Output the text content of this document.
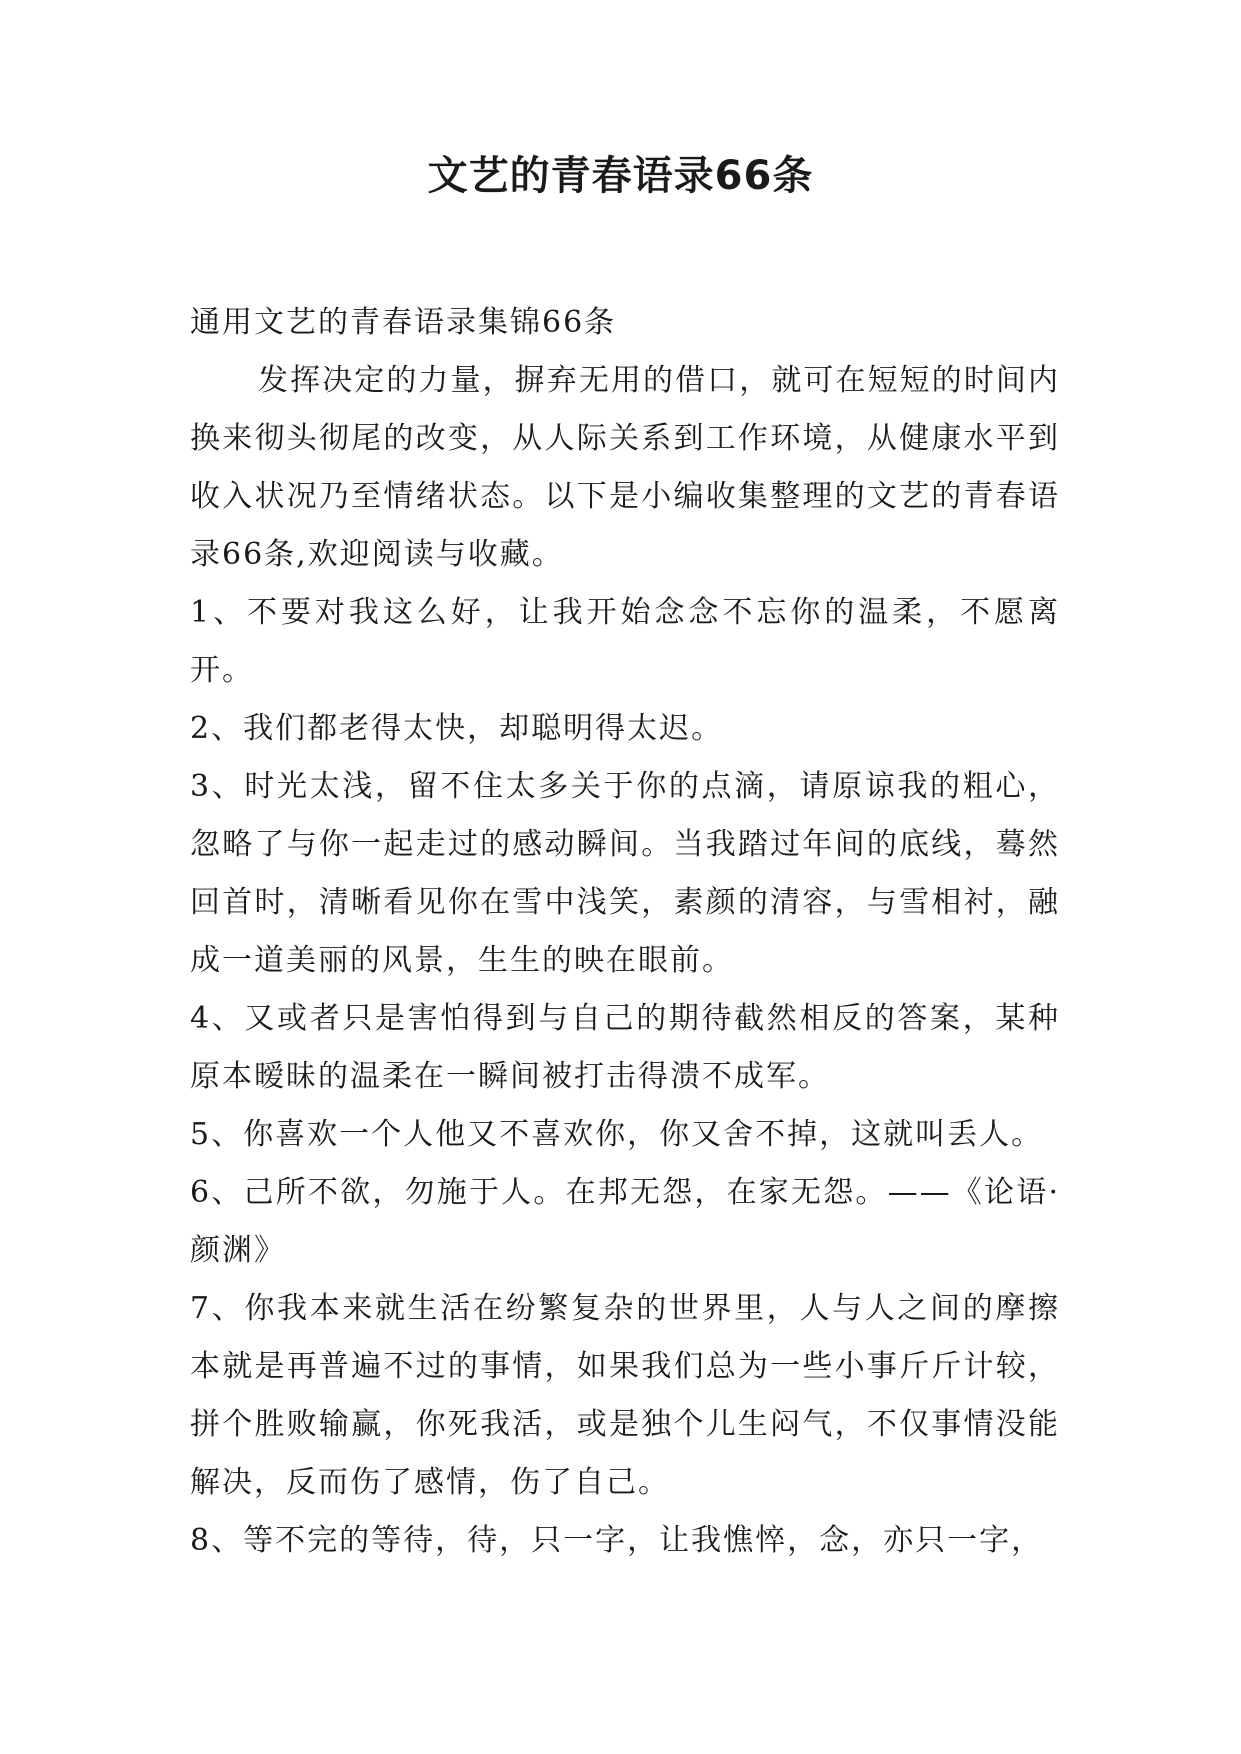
文艺的青春语录66条

通用文艺的青春语录集锦66条

发挥决定的力量，摒弃无用的借口，就可在短短的时间内换来彻头彻尾的改变，从人际关系到工作环境，从健康水平到收入状况乃至情绪状态。以下是小编收集整理的文艺的青春语录66条,欢迎阅读与收藏。

1、不要对我这么好，让我开始念念不忘你的温柔，不愿离开。

2、我们都老得太快，却聪明得太迟。

3、时光太浅，留不住太多关于你的点滴，请原谅我的粗心，忽略了与你一起走过的感动瞬间。当我踏过年间的底线，蓦然回首时，清晰看见你在雪中浅笑，素颜的清容，与雪相衬，融成一道美丽的风景，生生的映在眼前。

4、又或者只是害怕得到与自己的期待截然相反的答案，某种原本暧昧的温柔在一瞬间被打击得溃不成军。

5、你喜欢一个人他又不喜欢你，你又舍不掉，这就叫丢人。

6、己所不欲，勿施于人。在邦无怨，在家无怨。——《论语·颜渊》

7、你我本来就生活在纷繁复杂的世界里，人与人之间的摩擦本就是再普遍不过的事情，如果我们总为一些小事斤斤计较，拼个胜败输赢，你死我活，或是独个儿生闷气，不仅事情没能解决，反而伤了感情，伤了自己。

8、等不完的等待，待，只一字，让我憔悴，念，亦只一字，
